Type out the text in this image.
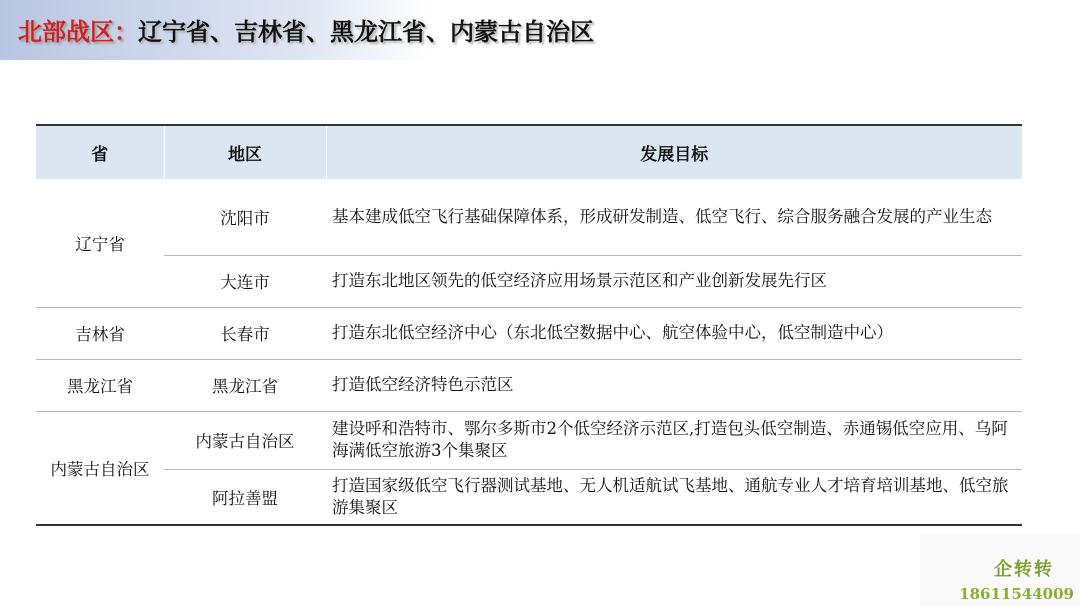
北部战区：辽宁省、吉林省、黑龙江省、内蒙古自治区
省	地区	发展目标
辽宁省	沈阳市	基本建成低空飞行基础保障体系，形成研发制造、低空飞行、综合服务融合发展的产业生态
	大连市	打造东北地区领先的低空经济应用场景示范区和产业创新发展先行区
吉林省	长春市	打造东北低空经济中心（东北低空数据中心、航空体验中心，低空制造中心）
黑龙江省	黑龙江省	打造低空经济特色示范区
内蒙古自治区	内蒙古自治区	建设呼和浩特市、鄂尔多斯市2个低空经济示范区,打造包头低空制造、赤通锡低空应用、乌阿海满低空旅游3个集聚区
	阿拉善盟	打造国家级低空飞行器测试基地、无人机适航试飞基地、通航专业人才培育培训基地、低空旅游集聚区
企转转
18611544009
